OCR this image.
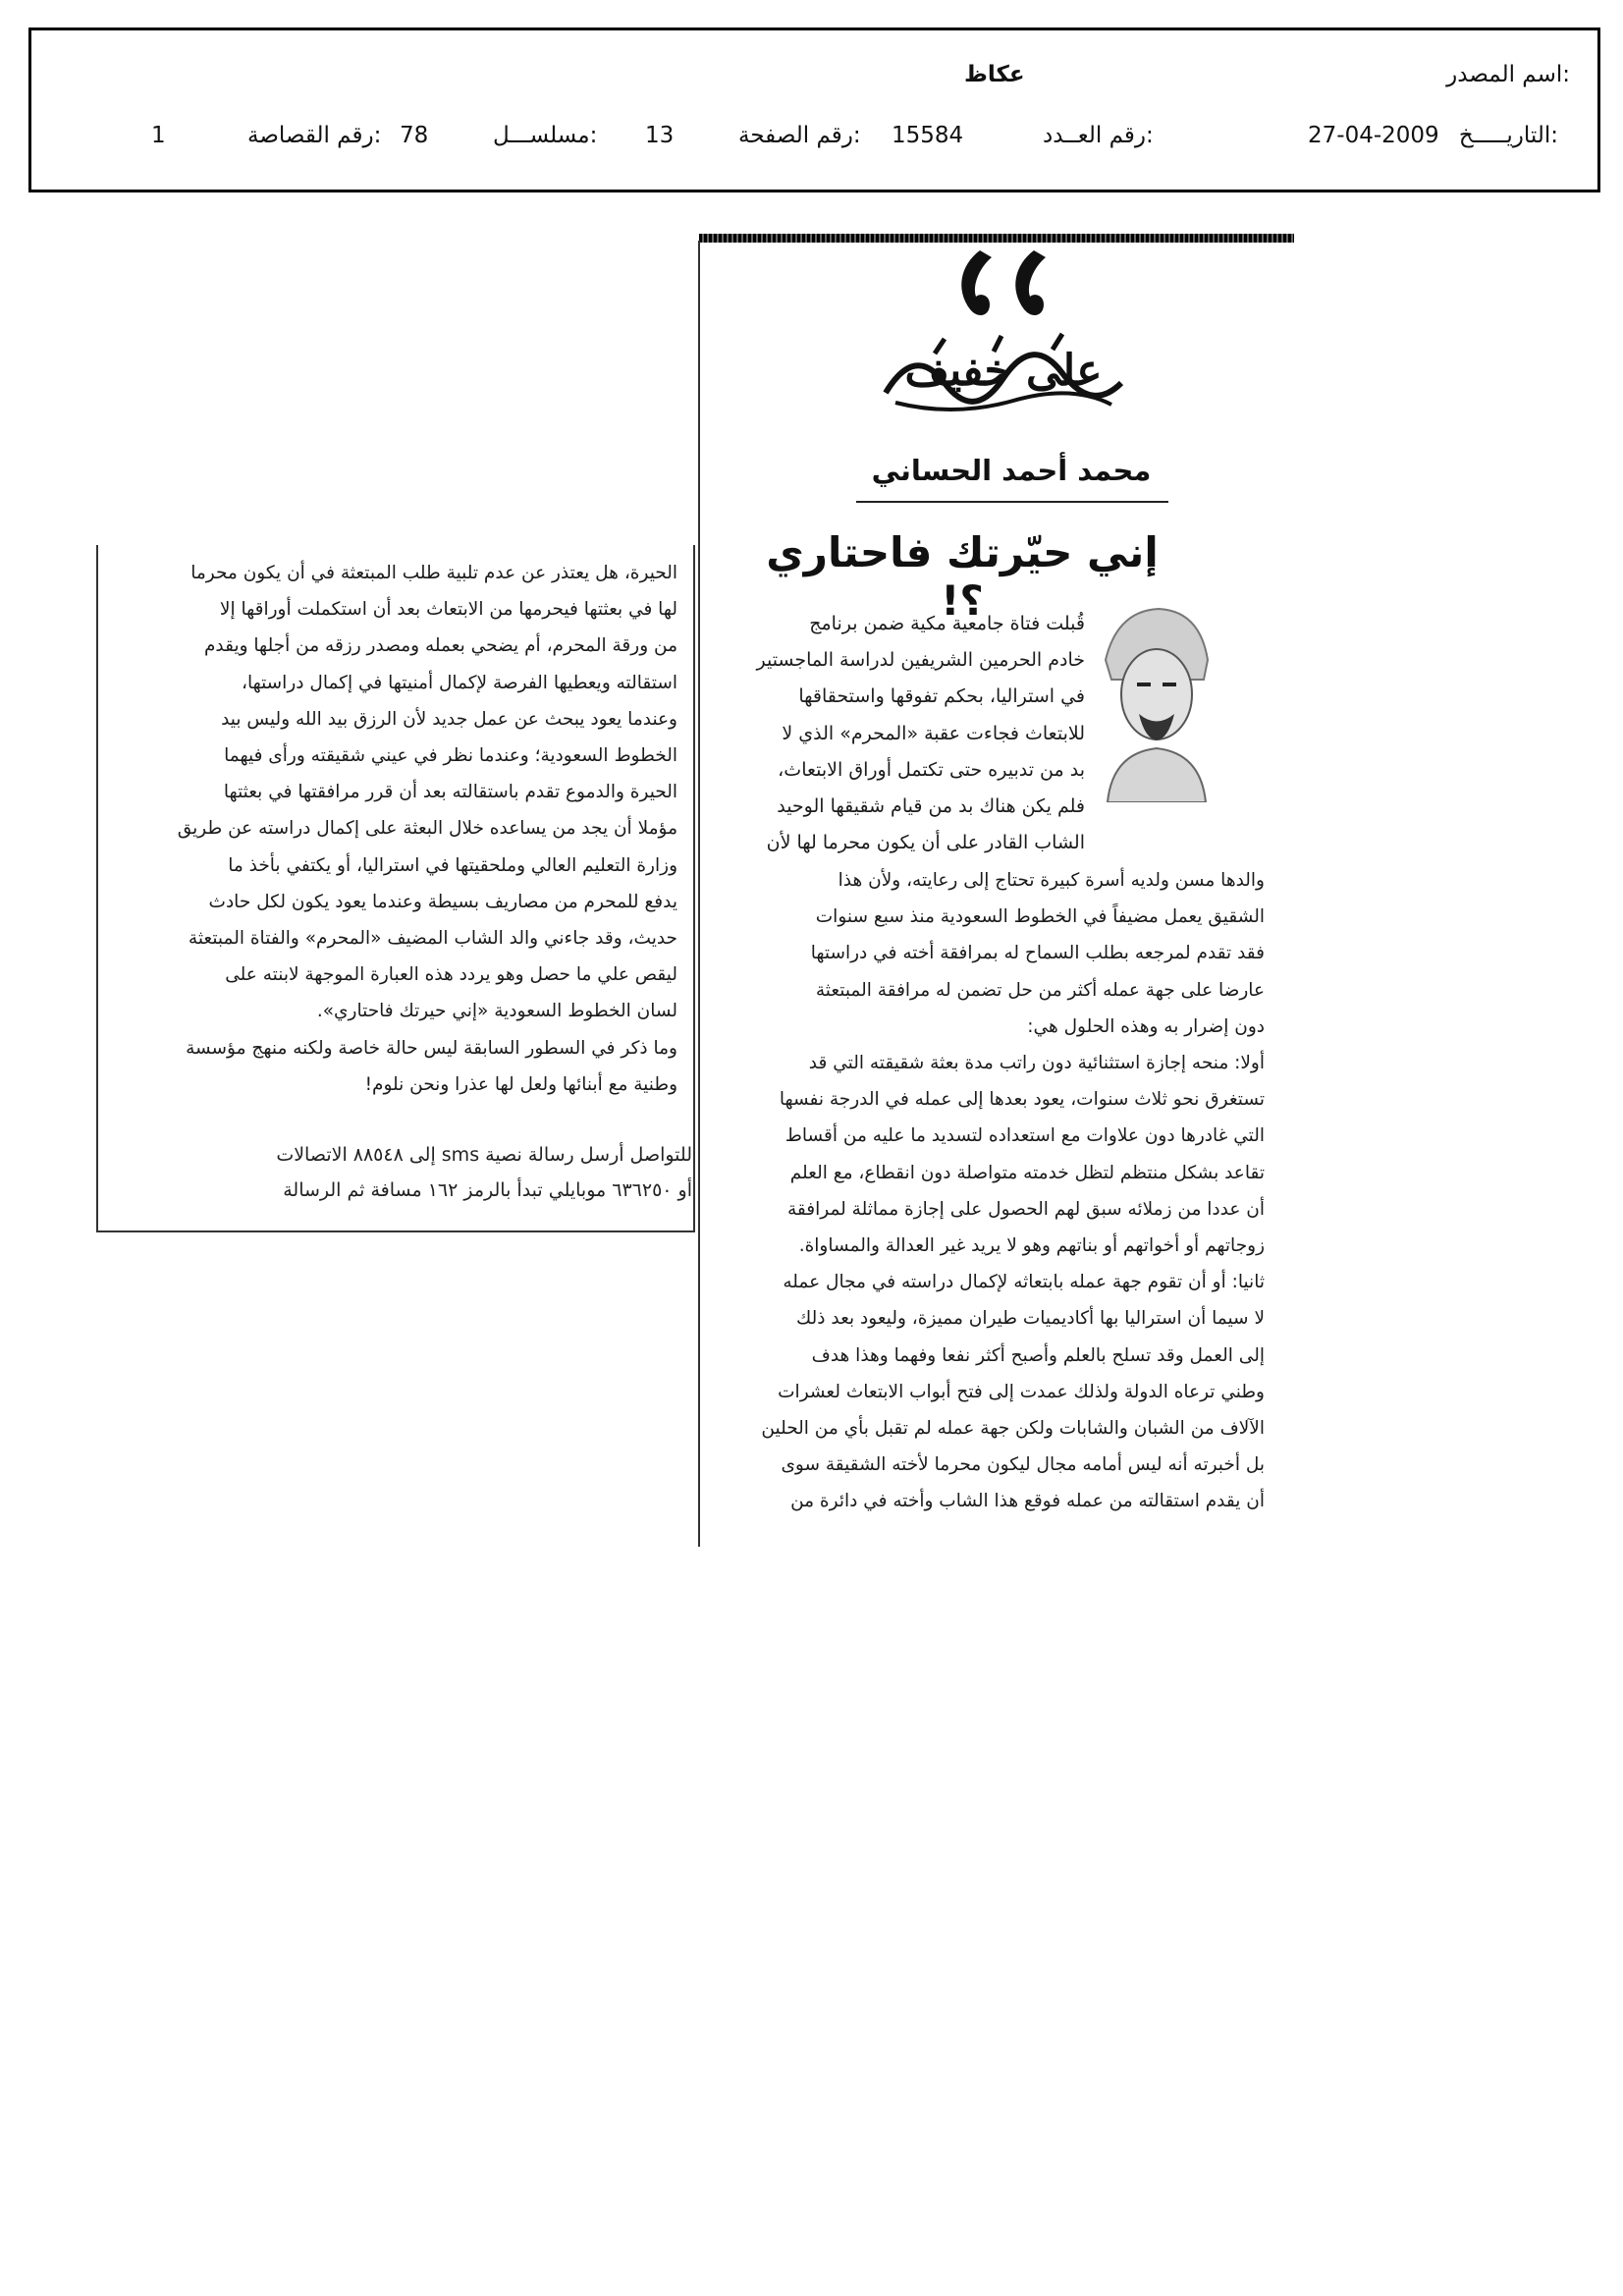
اسم المصدر:
عكاظ
التاريـــــخ:
27-04-2009
رقم العــدد:
15584
رقم الصفحة:
13
مسلســـل:
78
رقم القصاصة:
1
على خفيف
محمد أحمد الحساني
إني حيّرتك فاحتاري ؟!

قُبلت فتاة جامعية مكية ضمن برنامج

خادم الحرمين الشريفين لدراسة الماجستير

في استراليا، بحكم تفوقها واستحقاقها

للابتعاث فجاءت عقبة «المحرم» الذي لا

بد من تدبيره حتى تكتمل أوراق الابتعاث،

فلم يكن هناك بد من قيام شقيقها الوحيد

الشاب القادر على أن يكون محرما لها لأن

والدها مسن ولديه أسرة كبيرة تحتاج إلى رعايته، ولأن هذا

الشقيق يعمل مضيفاً في الخطوط السعودية منذ سبع سنوات

فقد تقدم لمرجعه بطلب السماح له بمرافقة أخته في دراستها

عارضا على جهة عمله أكثر من حل تضمن له مرافقة المبتعثة

دون إضرار به وهذه الحلول هي:

أولا: منحه إجازة استثنائية دون راتب مدة بعثة شقيقته التي قد

تستغرق نحو ثلاث سنوات، يعود بعدها إلى عمله في الدرجة نفسها

التي غادرها دون علاوات مع استعداده لتسديد ما عليه من أقساط

تقاعد بشكل منتظم لتظل خدمته متواصلة دون انقطاع، مع العلم

أن عددا من زملائه سبق لهم الحصول على إجازة مماثلة لمرافقة

زوجاتهم أو أخواتهم أو بناتهم وهو لا يريد غير العدالة والمساواة.

ثانيا: أو أن تقوم جهة عمله بابتعاثه لإكمال دراسته في مجال عمله

لا سيما أن استراليا بها أكاديميات طيران مميزة، وليعود بعد ذلك

إلى العمل وقد تسلح بالعلم وأصبح أكثر نفعا وفهما وهذا هدف

وطني ترعاه الدولة ولذلك عمدت إلى فتح أبواب الابتعاث لعشرات

الآلاف من الشبان والشابات ولكن جهة عمله لم تقبل بأي من الحلين

بل أخبرته أنه ليس أمامه مجال ليكون محرما لأخته الشقيقة سوى

أن يقدم استقالته من عمله فوقع هذا الشاب وأخته في دائرة من

الحيرة، هل يعتذر عن عدم تلبية طلب المبتعثة في أن يكون محرما

لها في بعثتها فيحرمها من الابتعاث بعد أن استكملت أوراقها إلا

من ورقة المحرم، أم يضحي بعمله ومصدر رزقه من أجلها ويقدم

استقالته ويعطيها الفرصة لإكمال أمنيتها في إكمال دراستها،

وعندما يعود يبحث عن عمل جديد لأن الرزق بيد الله وليس بيد

الخطوط السعودية؛ وعندما نظر في عيني شقيقته ورأى فيهما

الحيرة والدموع تقدم باستقالته بعد أن قرر مرافقتها في بعثتها

مؤملا أن يجد من يساعده خلال البعثة على إكمال دراسته عن طريق

وزارة التعليم العالي وملحقيتها في استراليا، أو يكتفي بأخذ ما

يدفع للمحرم من مصاريف بسيطة وعندما يعود يكون لكل حادث

حديث، وقد جاءني والد الشاب المضيف «المحرم» والفتاة المبتعثة

ليقص علي ما حصل وهو يردد هذه العبارة الموجهة لابنته على

لسان الخطوط السعودية «إني حيرتك فاحتاري».

وما ذكر في السطور السابقة ليس حالة خاصة ولكنه منهج مؤسسة

وطنية مع أبنائها ولعل لها عذرا ونحن نلوم!

للتواصل أرسل رسالة نصية sms إلى ٨٨٥٤٨ الاتصالات

أو ٦٣٦٢٥٠ موبايلي تبدأ بالرمز ١٦٢ مسافة ثم الرسالة
